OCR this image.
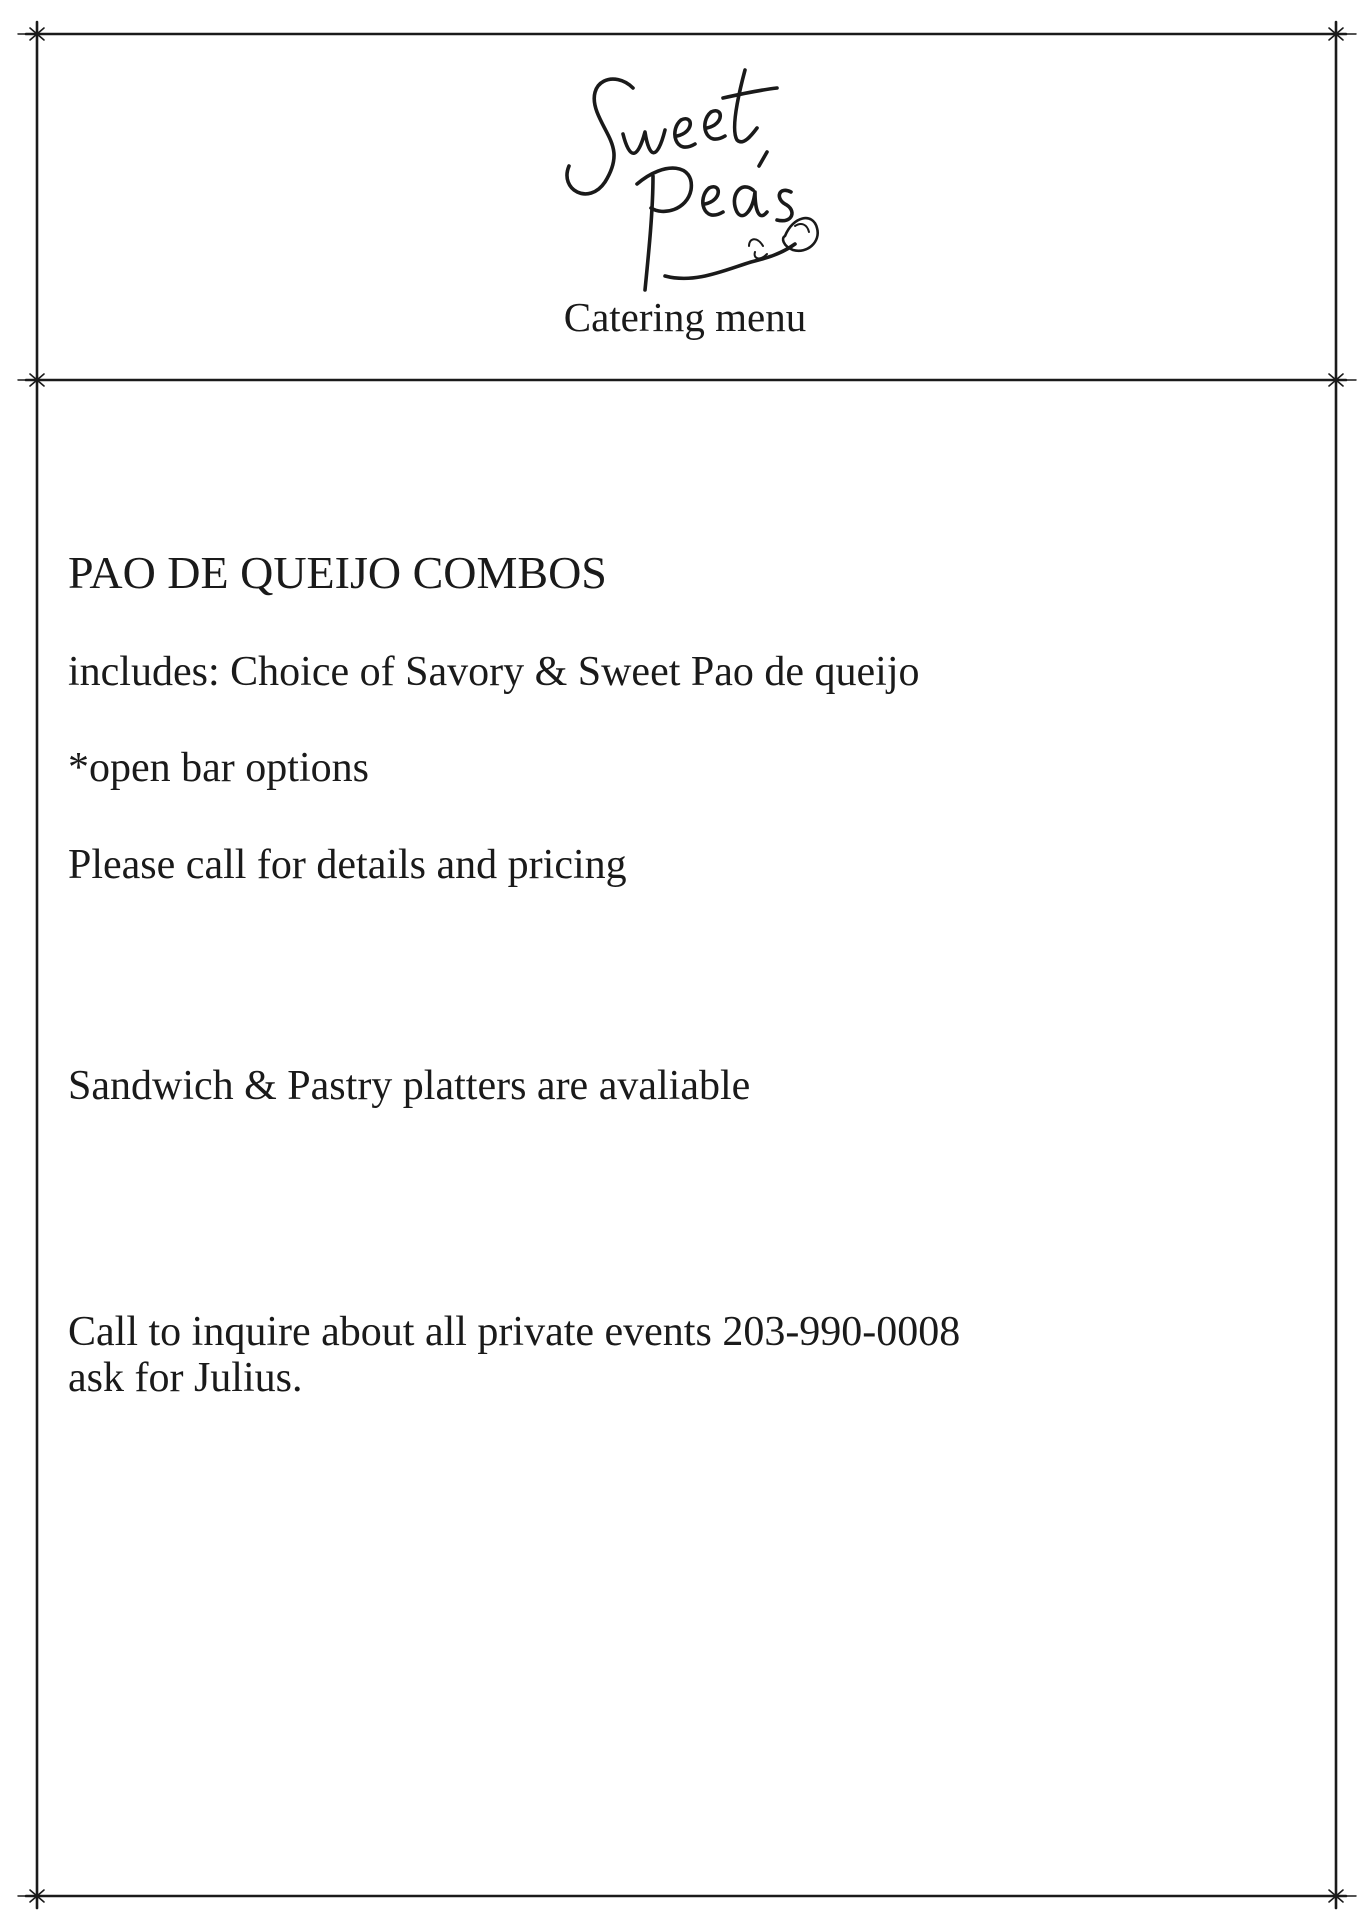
Catering menu
PAO DE QUEIJO COMBOS
includes: Choice of Savory & Sweet Pao de queijo
*open bar options
Please call for details and pricing
Sandwich & Pastry platters are avaliable
Call to inquire about all private events 203-990-0008
ask for Julius.
